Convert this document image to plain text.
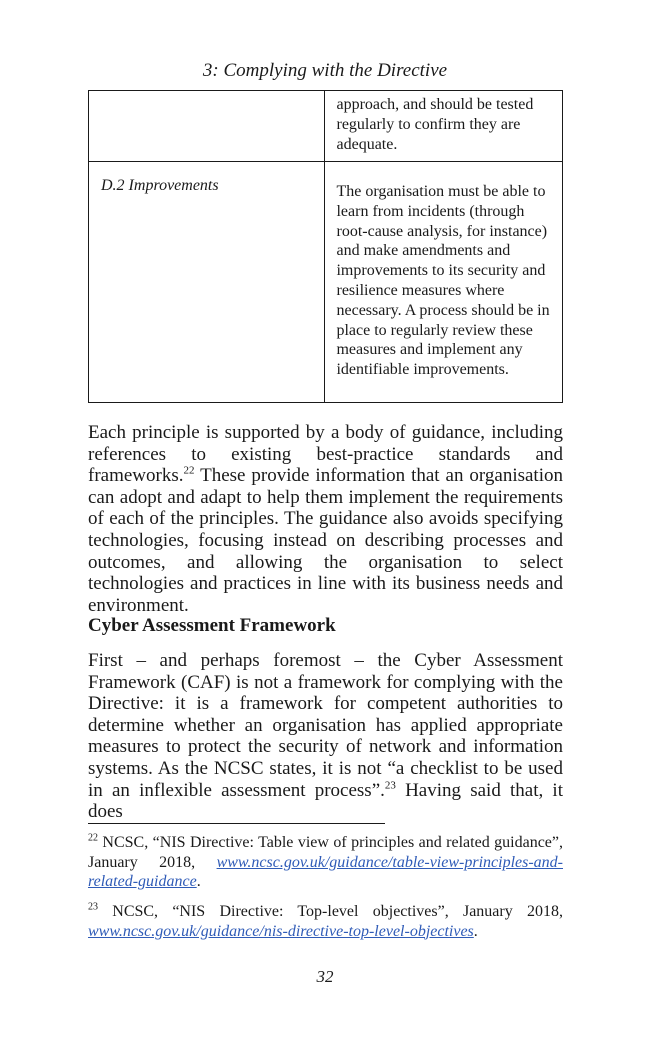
3: Complying with the Directive

	approach, and should be tested regularly to confirm they are adequate.

D.2 Improvements	The organisation must be able to learn from incidents (through root-cause analysis, for instance) and make amendments and improvements to its security and resilience measures where necessary. A process should be in place to regularly review these measures and implement any identifiable improvements.

Each principle is supported by a body of guidance, including references to existing best-practice standards and frameworks.$^{22}$ These provide information that an organisation can adopt and adapt to help them implement the requirements of each of the principles. The guidance also avoids specifying technologies, focusing instead on describing processes and outcomes, and allowing the organisation to select technologies and practices in line with its business needs and environment.

Cyber Assessment Framework

First – and perhaps foremost – the Cyber Assessment Framework (CAF) is not a framework for complying with the Directive: it is a framework for competent authorities to determine whether an organisation has applied appropriate measures to protect the security of network and information systems. As the NCSC states, it is not “a checklist to be used in an inflexible assessment process”.$^{23}$ Having said that, it does

$^{22}$ NCSC, “NIS Directive: Table view of principles and related guidance”, January 2018, www.ncsc.gov.uk/guidance/table-view-principles-and-related-guidance.
$^{23}$ NCSC, “NIS Directive: Top-level objectives”, January 2018, www.ncsc.gov.uk/guidance/nis-directive-top-level-objectives.
32
